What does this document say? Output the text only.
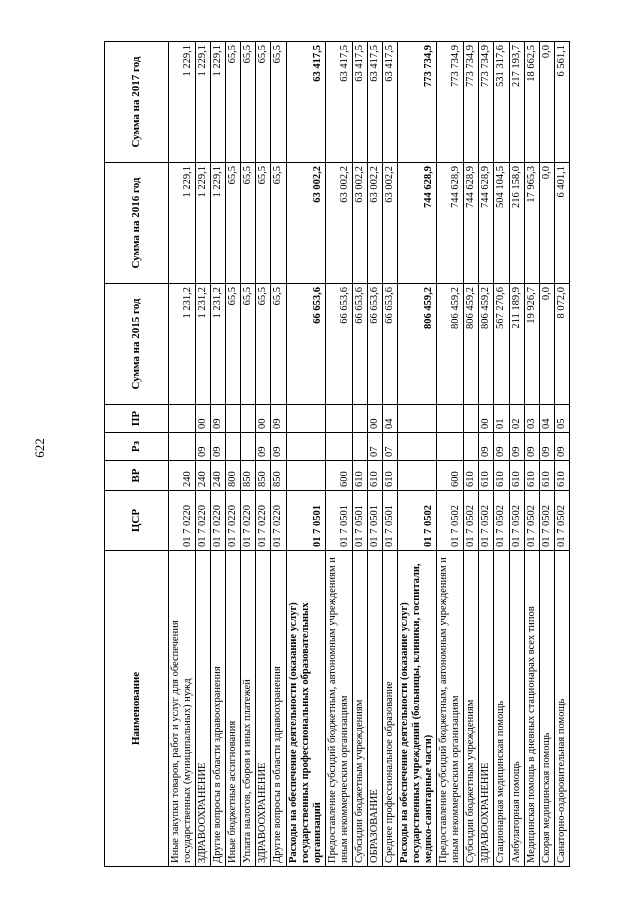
622
Наименование	ЦСР	ВР	Рз	ПР	Сумма на 2015 год	Сумма на 2016 год	Сумма на 2017 год
Иные закупки товаров, работ и услуг для обеспечения государственных (муниципальных) нужд	01 7 0220	240			1 231,2	1 229,1	1 229,1
ЗДРАВООХРАНЕНИЕ	01 7 0220	240	09	00	1 231,2	1 229,1	1 229,1
Другие вопросы в области здравоохранения	01 7 0220	240	09	09	1 231,2	1 229,1	1 229,1
Иные бюджетные ассигнования	01 7 0220	800			65,5	65,5	65,5
Уплата налогов, сборов и иных платежей	01 7 0220	850			65,5	65,5	65,5
ЗДРАВООХРАНЕНИЕ	01 7 0220	850	09	00	65,5	65,5	65,5
Другие вопросы в области здравоохранения	01 7 0220	850	09	09	65,5	65,5	65,5
Расходы на обеспечение деятельности (оказание услуг) государственных профессиональных образовательных организаций	01 7 0501				66 653,6	63 002,2	63 417,5
Предоставление субсидий бюджетным, автономным учреждениям и иным некоммерческим организациям	01 7 0501	600			66 653,6	63 002,2	63 417,5
Субсидии бюджетным учреждениям	01 7 0501	610			66 653,6	63 002,2	63 417,5
ОБРАЗОВАНИЕ	01 7 0501	610	07	00	66 653,6	63 002,2	63 417,5
Среднее профессиональное образование	01 7 0501	610	07	04	66 653,6	63 002,2	63 417,5
Расходы на обеспечение деятельности (оказание услуг) государственных учреждений (больницы, клиники, госпитали, медико-санитарные части)	01 7 0502				806 459,2	744 628,9	773 734,9
Предоставление субсидий бюджетным, автономным учреждениям и иным некоммерческим организациям	01 7 0502	600			806 459,2	744 628,9	773 734,9
Субсидии бюджетным учреждениям	01 7 0502	610			806 459,2	744 628,9	773 734,9
ЗДРАВООХРАНЕНИЕ	01 7 0502	610	09	00	806 459,2	744 628,9	773 734,9
Стационарная медицинская помощь	01 7 0502	610	09	01	567 270,6	504 104,5	531 317,6
Амбулаторная помощь	01 7 0502	610	09	02	211 189,9	216 158,0	217 193,7
Медицинская помощь в дневных стационарах всех типов	01 7 0502	610	09	03	19 926,7	17 965,3	18 662,5
Скорая медицинская помощь	01 7 0502	610	09	04	0,0	0,0	0,0
Санаторно-оздоровительная помощь	01 7 0502	610	09	05	8 072,0	6 401,1	6 561,1
